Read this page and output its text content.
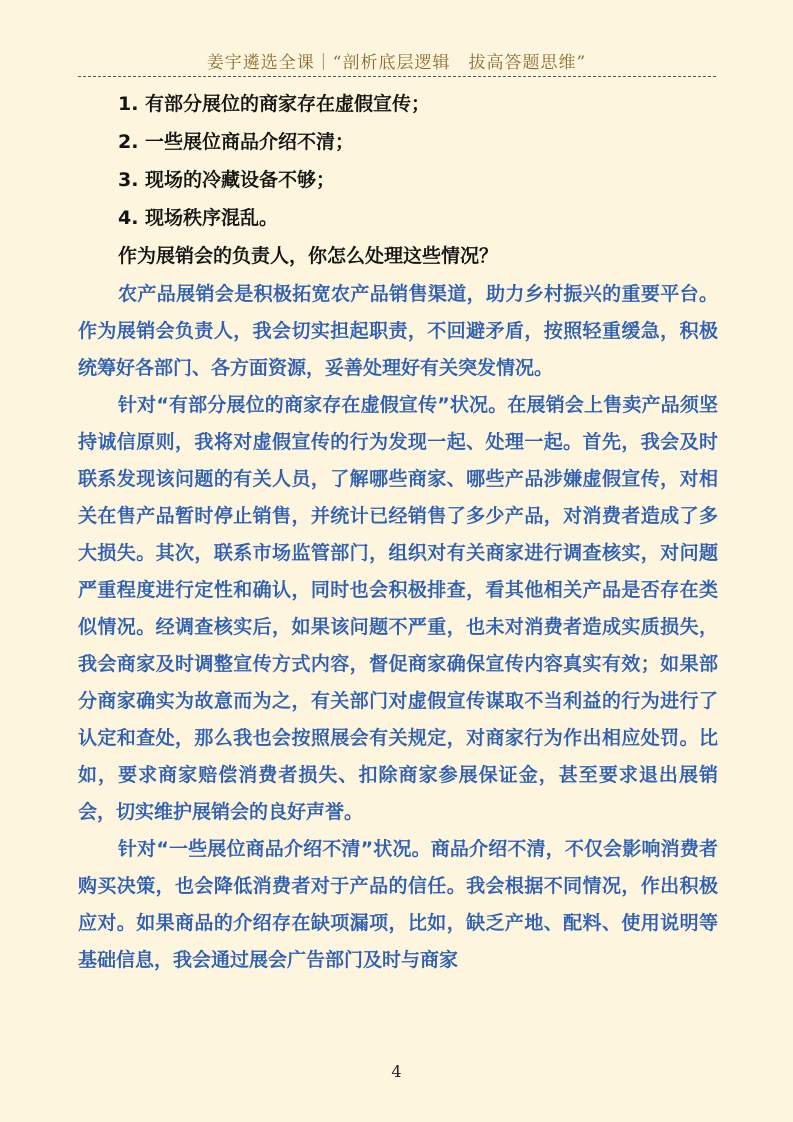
姜宇遴选全课｜“剖析底层逻辑　拔高答题思维”

1. 有部分展位的商家存在虚假宣传；

2. 一些展位商品介绍不清；

3. 现场的冷藏设备不够；

4. 现场秩序混乱。

作为展销会的负责人，你怎么处理这些情况？

农产品展销会是积极拓宽农产品销售渠道，助力乡村振兴的重要平台。作为展销会负责人，我会切实担起职责，不回避矛盾，按照轻重缓急，积极统筹好各部门、各方面资源，妥善处理好有关突发情况。

针对“有部分展位的商家存在虚假宣传”状况。在展销会上售卖产品须坚持诚信原则，我将对虚假宣传的行为发现一起、处理一起。首先，我会及时联系发现该问题的有关人员，了解哪些商家、哪些产品涉嫌虚假宣传，对相关在售产品暂时停止销售，并统计已经销售了多少产品，对消费者造成了多大损失。其次，联系市场监管部门，组织对有关商家进行调查核实，对问题严重程度进行定性和确认，同时也会积极排查，看其他相关产品是否存在类似情况。经调查核实后，如果该问题不严重，也未对消费者造成实质损失，我会商家及时调整宣传方式内容，督促商家确保宣传内容真实有效；如果部分商家确实为故意而为之，有关部门对虚假宣传谋取不当利益的行为进行了认定和查处，那么我也会按照展会有关规定，对商家行为作出相应处罚。比如，要求商家赔偿消费者损失、扣除商家参展保证金，甚至要求退出展销会，切实维护展销会的良好声誉。

针对“一些展位商品介绍不清”状况。商品介绍不清，不仅会影响消费者购买决策，也会降低消费者对于产品的信任。我会根据不同情况，作出积极应对。如果商品的介绍存在缺项漏项，比如，缺乏产地、配料、使用说明等基础信息，我会通过展会广告部门及时与商家

4
